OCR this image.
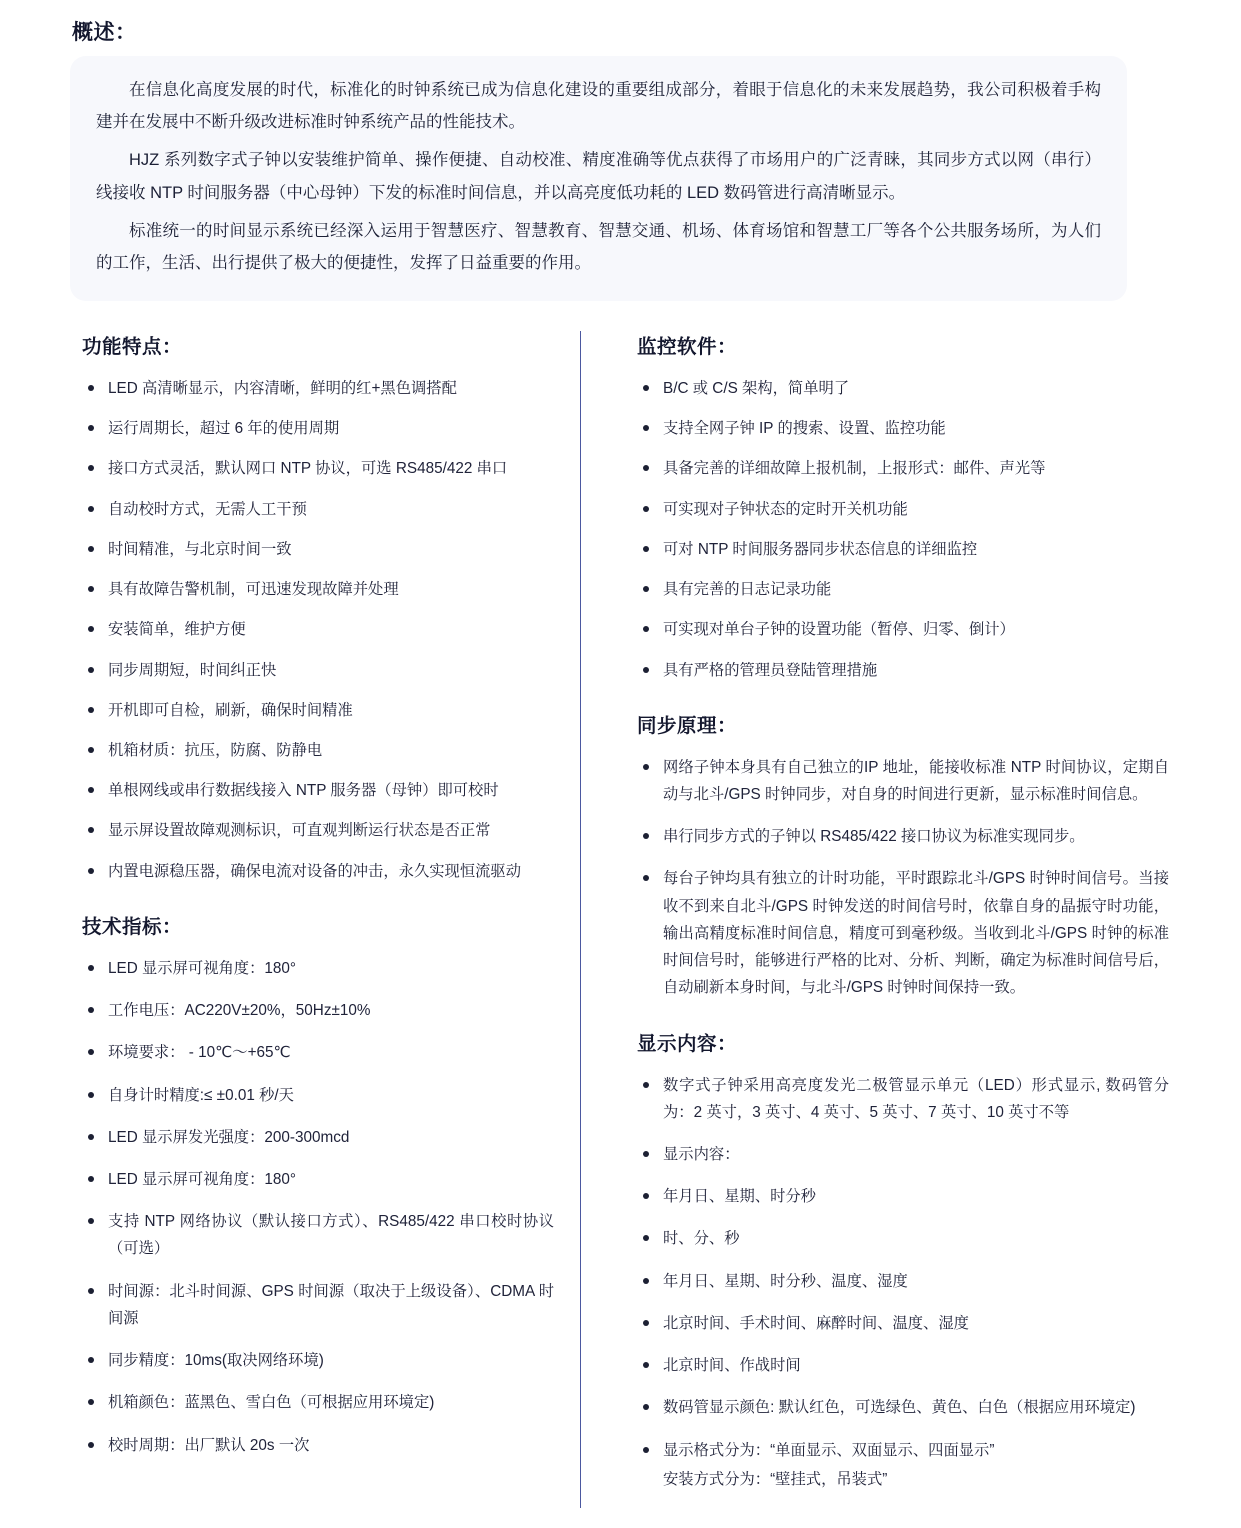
概述：

在信息化高度发展的时代，标准化的时钟系统已成为信息化建设的重要组成部分，着眼于信息化的未来发展趋势，我公司积极着手构建并在发展中不断升级改进标准时钟系统产品的性能技术。

HJZ 系列数字式子钟以安装维护简单、操作便捷、自动校准、精度准确等优点获得了市场用户的广泛青睐，其同步方式以网（串行）线接收 NTP 时间服务器（中心母钟）下发的标准时间信息，并以高亮度低功耗的 LED 数码管进行高清晰显示。

标准统一的时间显示系统已经深入运用于智慧医疗、智慧教育、智慧交通、机场、体育场馆和智慧工厂等各个公共服务场所，为人们的工作，生活、出行提供了极大的便捷性，发挥了日益重要的作用。

功能特点：
LED 高清晰显示，内容清晰，鲜明的红+黑色调搭配
运行周期长，超过 6 年的使用周期
接口方式灵活，默认网口 NTP 协议，可选 RS485/422 串口
自动校时方式，无需人工干预
时间精准，与北京时间一致
具有故障告警机制，可迅速发现故障并处理
安装简单，维护方便
同步周期短，时间纠正快
开机即可自检，刷新，确保时间精准
机箱材质：抗压，防腐、防静电
单根网线或串行数据线接入 NTP 服务器（母钟）即可校时
显示屏设置故障观测标识，可直观判断运行状态是否正常
内置电源稳压器，确保电流对设备的冲击，永久实现恒流驱动
技术指标：
LED 显示屏可视角度：180°
工作电压：AC220V±20%，50Hz±10%
环境要求： - 10℃～+65℃
自身计时精度:≤ ±0.01 秒/天
LED 显示屏发光强度：200-300mcd
LED 显示屏可视角度：180°
支持 NTP 网络协议（默认接口方式）、RS485/422 串口校时协议（可选）
时间源：北斗时间源、GPS 时间源（取决于上级设备）、CDMA 时间源
同步精度：10ms(取决网络环境)
机箱颜色：蓝黑色、雪白色（可根据应用环境定)
校时周期：出厂默认 20s 一次
监控软件：
B/C 或 C/S 架构，简单明了
支持全网子钟 IP 的搜索、设置、监控功能
具备完善的详细故障上报机制，上报形式：邮件、声光等
可实现对子钟状态的定时开关机功能
可对 NTP 时间服务器同步状态信息的详细监控
具有完善的日志记录功能
可实现对单台子钟的设置功能（暂停、归零、倒计）
具有严格的管理员登陆管理措施
同步原理：
网络子钟本身具有自己独立的IP 地址，能接收标准 NTP 时间协议，定期自动与北斗/GPS 时钟同步，对自身的时间进行更新，显示标准时间信息。
串行同步方式的子钟以 RS485/422 接口协议为标准实现同步。
每台子钟均具有独立的计时功能，平时跟踪北斗/GPS 时钟时间信号。当接收不到来自北斗/GPS 时钟发送的时间信号时，依靠自身的晶振守时功能，输出高精度标准时间信息，精度可到毫秒级。当收到北斗/GPS 时钟的标准时间信号时，能够进行严格的比对、分析、判断，确定为标准时间信号后，自动刷新本身时间，与北斗/GPS 时钟时间保持一致。
显示内容：
数字式子钟采用高亮度发光二极管显示单元（LED）形式显示, 数码管分为：2 英寸，3 英寸、4 英寸、5 英寸、7 英寸、10 英寸不等
显示内容：
年月日、星期、时分秒
时、分、秒
年月日、星期、时分秒、温度、湿度
北京时间、手术时间、麻醉时间、温度、湿度
北京时间、作战时间
数码管显示颜色: 默认红色，可选绿色、黄色、白色（根据应用环境定)
显示格式分为：“单面显示、双面显示、四面显示”
安装方式分为：“壁挂式，吊装式”
